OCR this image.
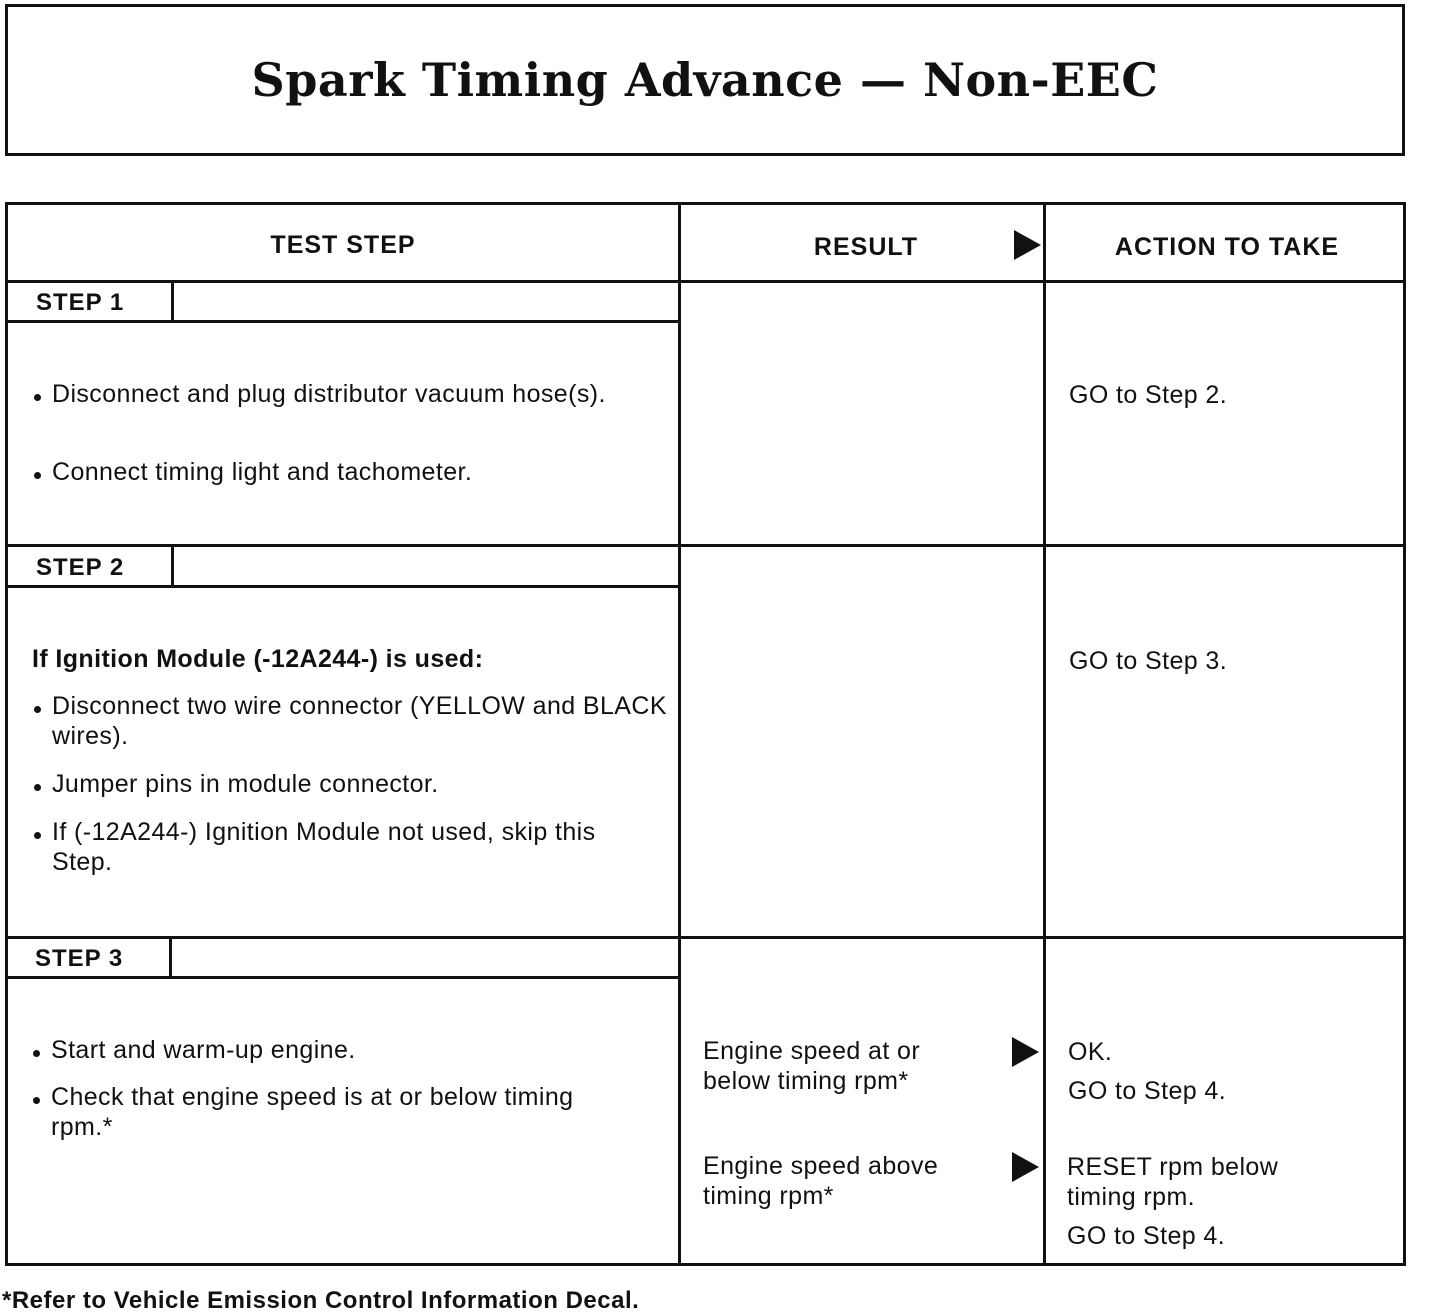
Spark Timing Advance — Non-EEC
TEST STEP	RESULT	ACTION TO TAKE
STEP 1
Disconnect and plug distributor vacuum hose(s).
Connect timing light and tachometer.
GO to Step 2.
STEP 2
If Ignition Module (-12A244-) is used:
Disconnect two wire connector (YELLOW and BLACK wires).
Jumper pins in module connector.
If (-12A244-) Ignition Module not used, skip this Step.
GO to Step 3.
STEP 3
Start and warm-up engine.
Check that engine speed is at or below timing rpm.*
Engine speed at or below timing rpm*
OK.
GO to Step 4.
Engine speed above timing rpm*
RESET rpm below timing rpm.
GO to Step 4.
*Refer to Vehicle Emission Control Information Decal.
